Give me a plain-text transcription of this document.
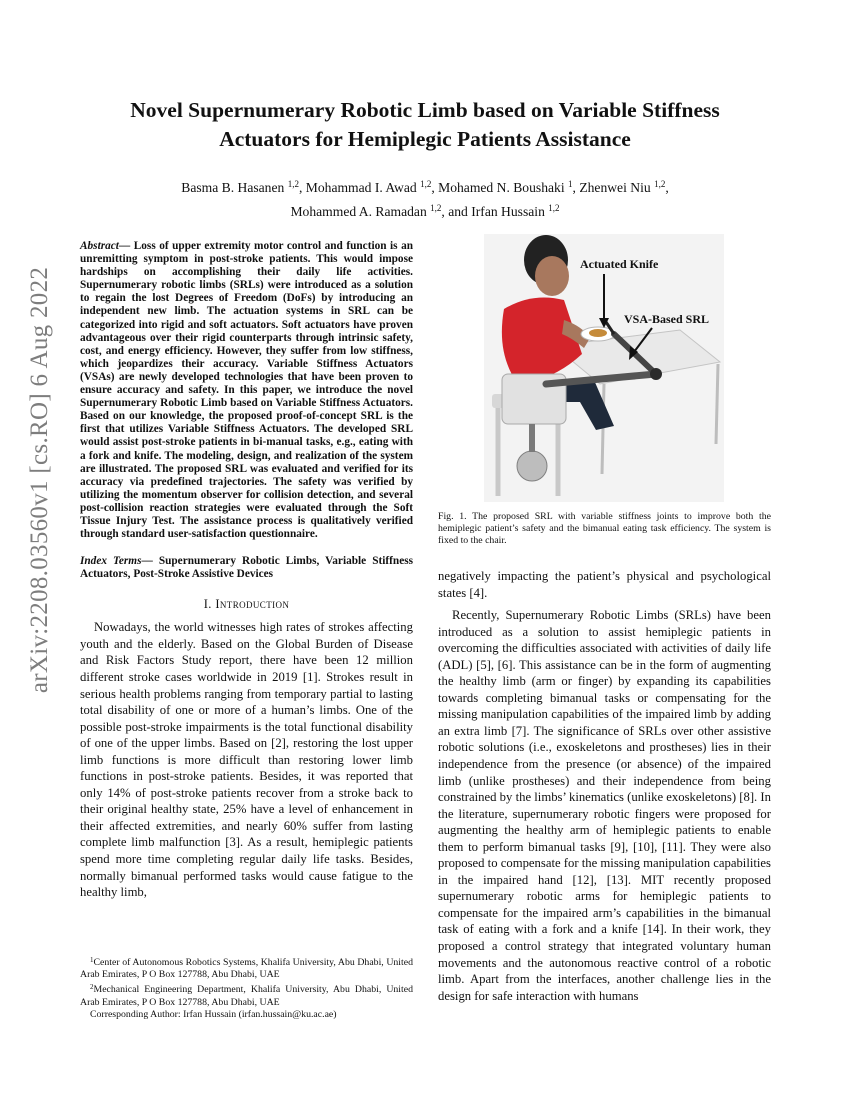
arXiv:2208.03560v1 [cs.RO] 6 Aug 2022
Novel Supernumerary Robotic Limb based on Variable Stiffness
Actuators for Hemiplegic Patients Assistance
Basma B. Hasanen $^{1,2}$, Mohammad I. Awad $^{1,2}$, Mohamed N. Boushaki $^1$, Zhenwei Niu $^{1,2}$,
Mohammed A. Ramadan $^{1,2}$, and Irfan Hussain $^{1,2}$

Abstract— Loss of upper extremity motor control and function is an unremitting symptom in post-stroke patients. This would impose hardships on accomplishing their daily life activities. Supernumerary robotic limbs (SRLs) were introduced as a solution to regain the lost Degrees of Freedom (DoFs) by introducing an independent new limb. The actuation systems in SRL can be categorized into rigid and soft actuators. Soft actuators have proven advantageous over their rigid counterparts through intrinsic safety, cost, and energy efficiency. However, they suffer from low stiffness, which jeopardizes their accuracy. Variable Stiffness Actuators (VSAs) are newly developed technologies that have been proven to ensure accuracy and safety. In this paper, we introduce the novel Supernumerary Robotic Limb based on Variable Stiffness Actuators. Based on our knowledge, the proposed proof-of-concept SRL is the first that utilizes Variable Stiffness Actuators. The developed SRL would assist post-stroke patients in bi-manual tasks, e.g., eating with a fork and knife. The modeling, design, and realization of the system are illustrated. The proposed SRL was evaluated and verified for its accuracy via predefined trajectories. The safety was verified by utilizing the momentum observer for collision detection, and several post-collision reaction strategies were evaluated through the Soft Tissue Injury Test. The assistance process is qualitatively verified through standard user-satisfaction questionnaire.

Index Terms— Supernumerary Robotic Limbs, Variable Stiffness Actuators, Post-Stroke Assistive Devices

I. Introduction

Nowadays, the world witnesses high rates of strokes affecting youth and the elderly. Based on the Global Burden of Disease and Risk Factors Study report, there have been 12 million different stroke cases worldwide in 2019 [1]. Strokes result in serious health problems ranging from temporary partial to lasting total disability of one or more of a human’s limbs. One of the possible post-stroke impairments is the total functional disability of one of the upper limbs. Based on [2], restoring the lost upper limb functions is more difficult than restoring lower limb functions in post-stroke patients. Besides, it was reported that only 14% of post-stroke patients recover from a stroke back to their original healthy state, 25% have a level of enhancement in their affected extremities, and nearly 60% suffer from lasting complete limb malfunction [3]. As a result, hemiplegic patients spend more time completing regular daily life tasks. Besides, normally bimanual performed tasks would cause fatigue to the healthy limb,

$^1$Center of Autonomous Robotics Systems, Khalifa University, Abu Dhabi, United Arab Emirates, P O Box 127788, Abu Dhabi, UAE

$^2$Mechanical Engineering Department, Khalifa University, Abu Dhabi, United Arab Emirates, P O Box 127788, Abu Dhabi, UAE

Corresponding Author: Irfan Hussain (irfan.hussain@ku.ac.ae)

Actuated Knife
VSA-Based SRL
Fig. 1. The proposed SRL with variable stiffness joints to improve both the hemiplegic patient’s safety and the bimanual eating task efficiency. The system is fixed to the chair.

negatively impacting the patient’s physical and psychological states [4].

Recently, Supernumerary Robotic Limbs (SRLs) have been introduced as a solution to assist hemiplegic patients in overcoming the difficulties associated with activities of daily life (ADL) [5], [6]. This assistance can be in the form of augmenting the healthy limb (arm or finger) by expanding its capabilities towards completing bimanual tasks or compensating for the missing manipulation capabilities of the impaired limb by adding an extra limb [7]. The significance of SRLs over other assistive robotic solutions (i.e., exoskeletons and prostheses) lies in their independence from the presence (or absence) of the impaired limb (unlike prostheses) and their independence from being constrained by the limbs’ kinematics (unlike exoskeletons) [8]. In the literature, supernumerary robotic fingers were proposed for augmenting the healthy arm of hemiplegic patients to enable them to perform bimanual tasks [9], [10], [11]. They were also proposed to compensate for the missing manipulation capabilities in the impaired hand [12], [13]. MIT recently proposed supernumerary robotic arms for hemiplegic patients to compensate for the impaired arm’s capabilities in the bimanual task of eating with a fork and a knife [14]. In their work, they proposed a control strategy that integrated voluntary human movements and the autonomous reactive control of a robotic limb. Apart from the interfaces, another challenge lies in the design for safe interaction with humans
